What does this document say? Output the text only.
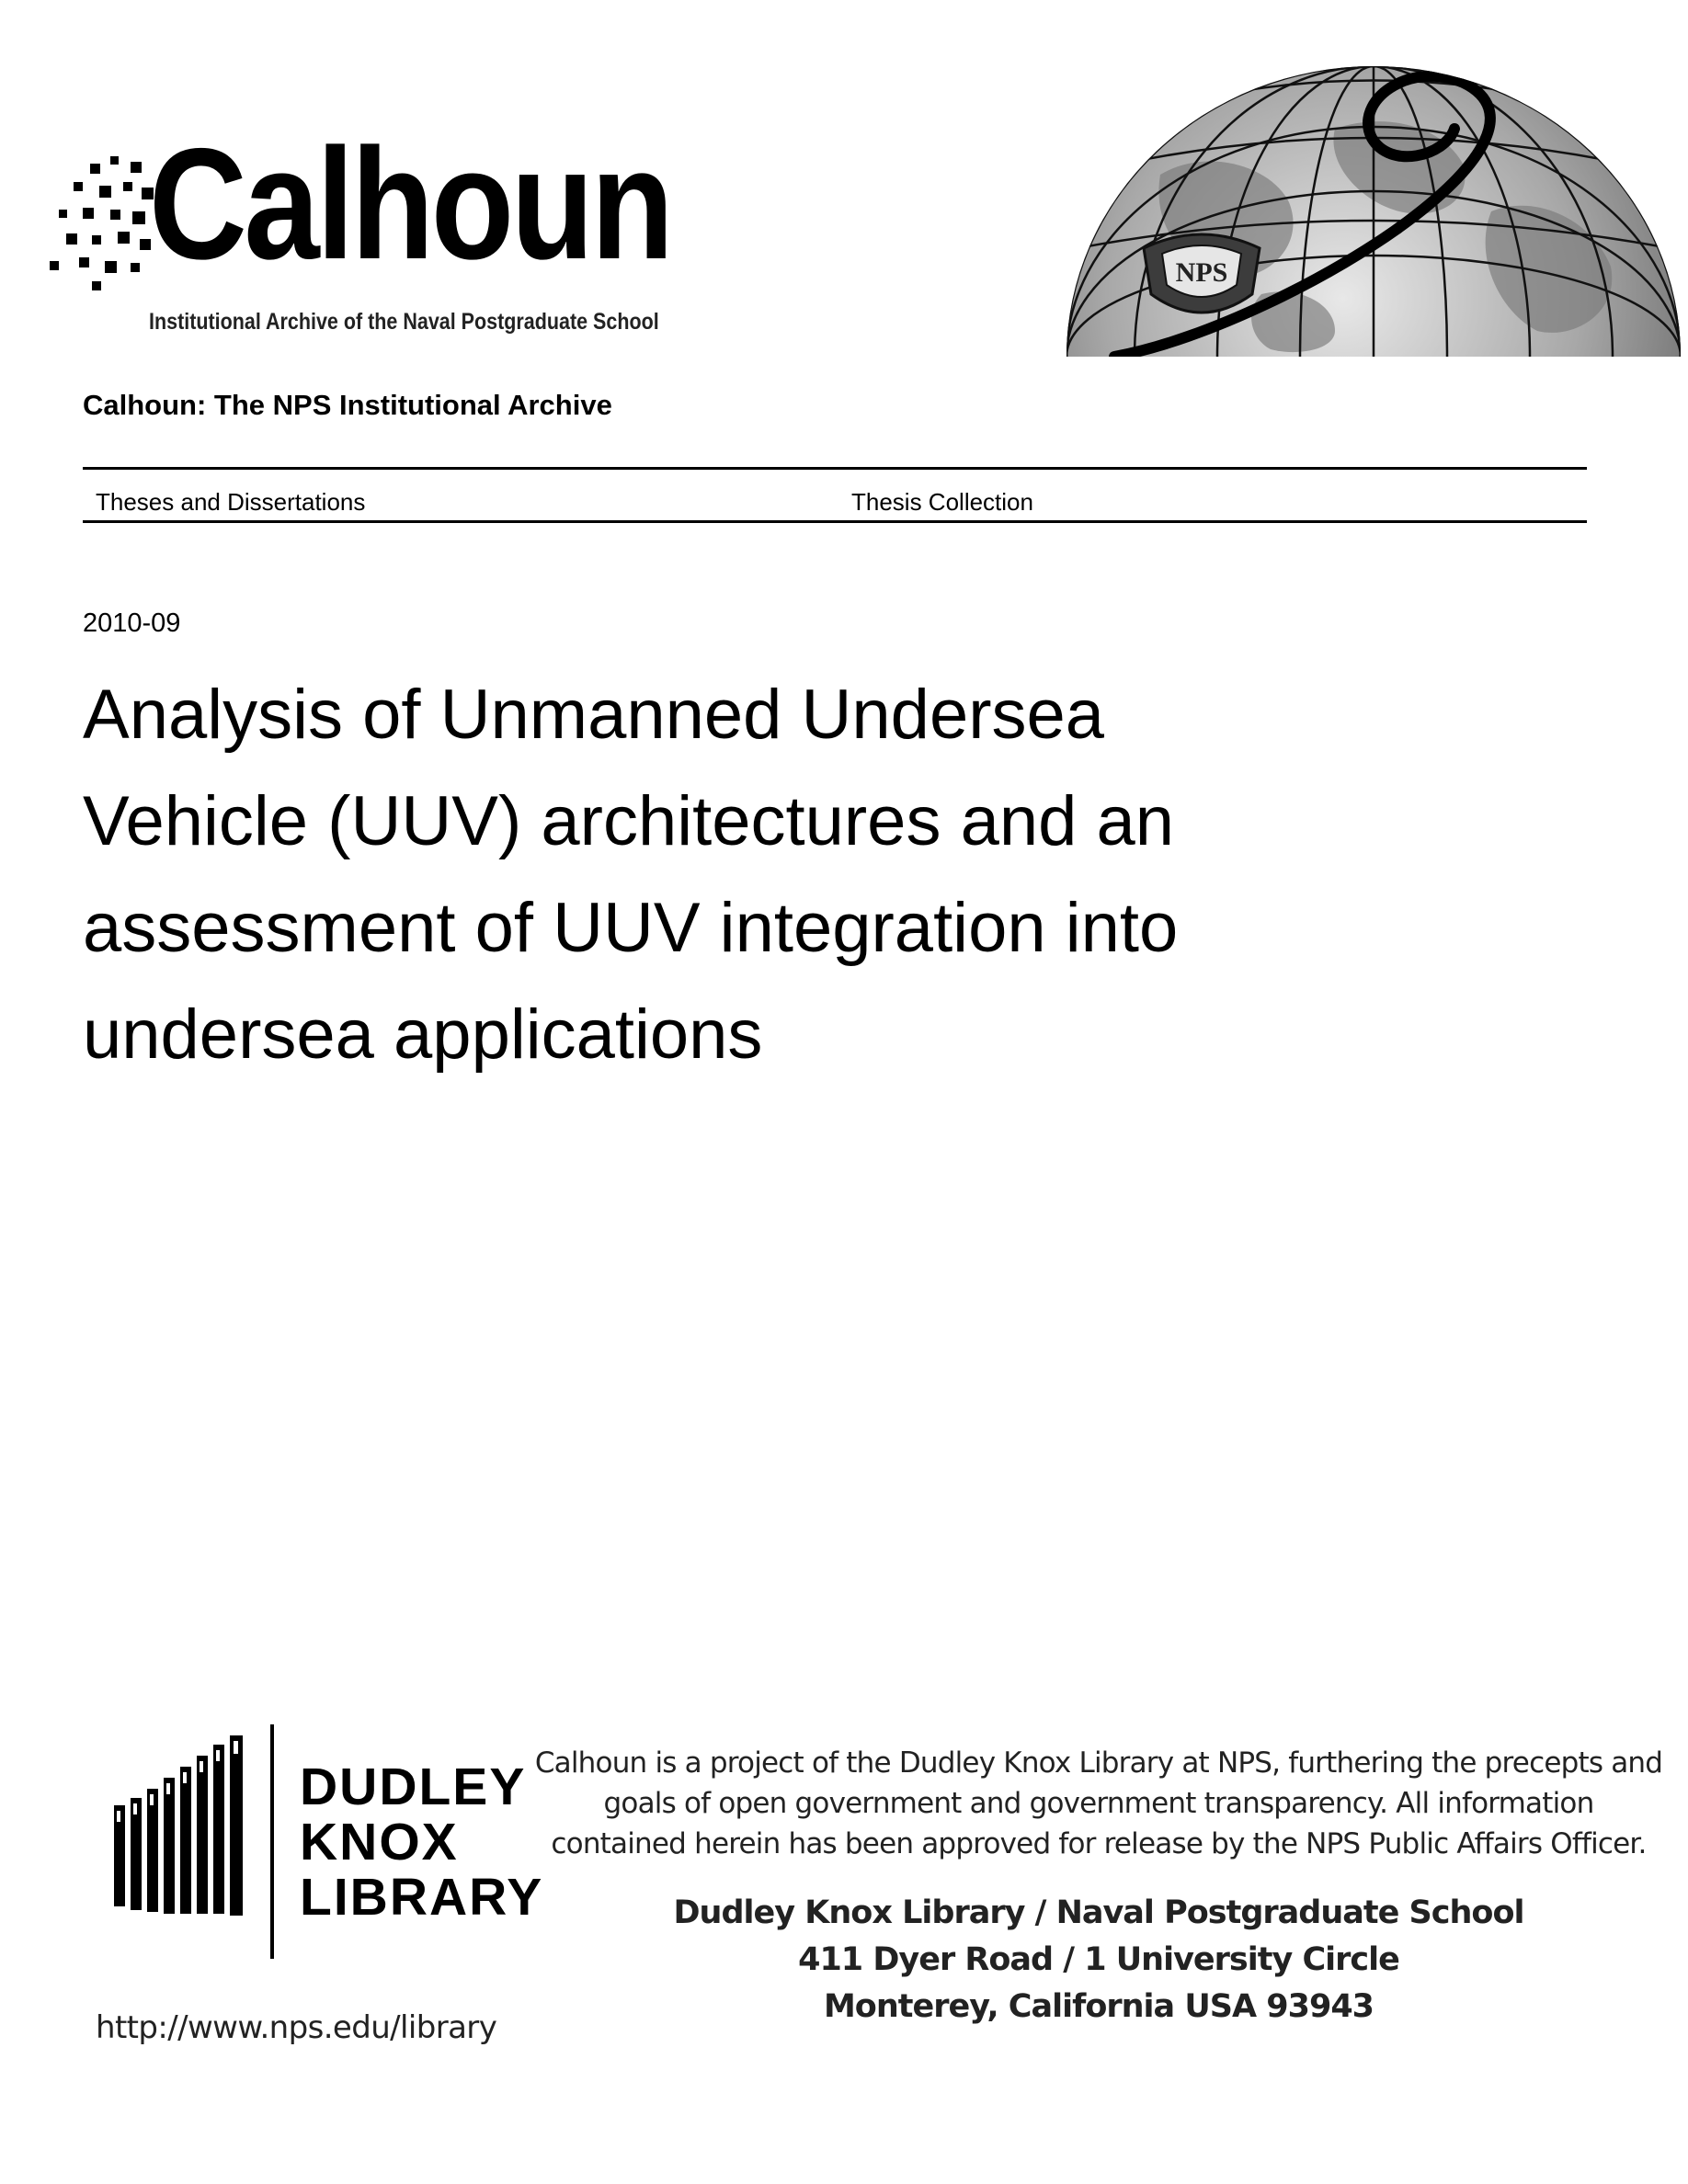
Calhoun
Institutional Archive of the Naval Postgraduate School
NPS
Calhoun: The NPS Institutional Archive
Theses and Dissertations	Thesis Collection
2010-09
Analysis of Unmanned Undersea Vehicle (UUV) architectures and an assessment of UUV integration into undersea applications
DUDLEY
KNOX
LIBRARY
Calhoun is a project of the Dudley Knox Library at NPS, furthering the precepts and goals of open government and government transparency. All information contained herein has been approved for release by the NPS Public Affairs Officer.
Dudley Knox Library / Naval Postgraduate School
411 Dyer Road / 1 University Circle
Monterey, California USA 93943
http://www.nps.edu/library
